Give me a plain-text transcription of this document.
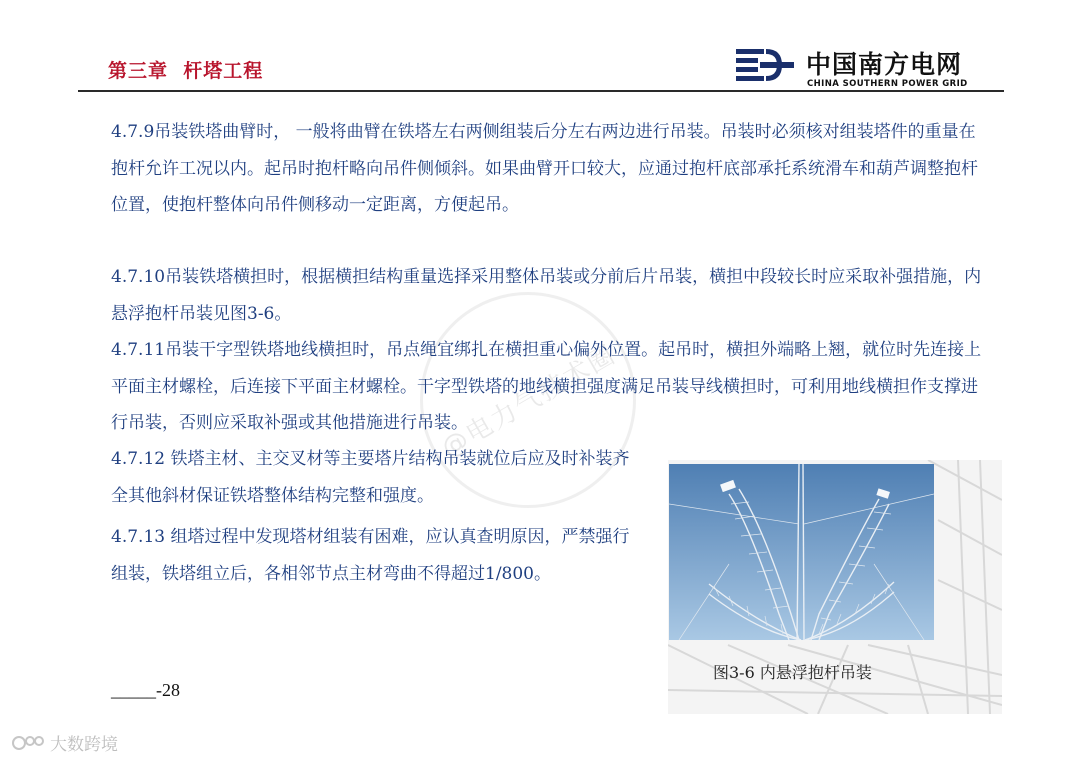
第三章  杆塔工程	中国南方电网
CHINA SOUTHERN POWER GRID
@电力气技术圈

4.7.9吊装铁塔曲臂时， 一般将曲臂在铁塔左右两侧组装后分左右两边进行吊装。吊装时必须核对组装塔件的重量在抱杆允许工况以内。起吊时抱杆略向吊件侧倾斜。如果曲臂开口较大，应通过抱杆底部承托系统滑车和葫芦调整抱杆位置，使抱杆整体向吊件侧移动一定距离，方便起吊。

4.7.10吊装铁塔横担时，根据横担结构重量选择采用整体吊装或分前后片吊装，横担中段较长时应采取补强措施，内悬浮抱杆吊装见图3-6。

4.7.11吊装干字型铁塔地线横担时，吊点绳宜绑扎在横担重心偏外位置。起吊时，横担外端略上翘，就位时先连接上平面主材螺栓，后连接下平面主材螺栓。干字型铁塔的地线横担强度满足吊装导线横担时，可利用地线横担作支撑进行吊装，否则应采取补强或其他措施进行吊装。

4.7.12 铁塔主材、主交叉材等主要塔片结构吊装就位后应及时补装齐全其他斜材保证铁塔整体结构完整和强度。

4.7.13 组塔过程中发现塔材组装有困难，应认真查明原因，严禁强行组装，铁塔组立后，各相邻节点主材弯曲不得超过1/800。

图3-6 内悬浮抱杆吊装
_____-28
大数跨境
